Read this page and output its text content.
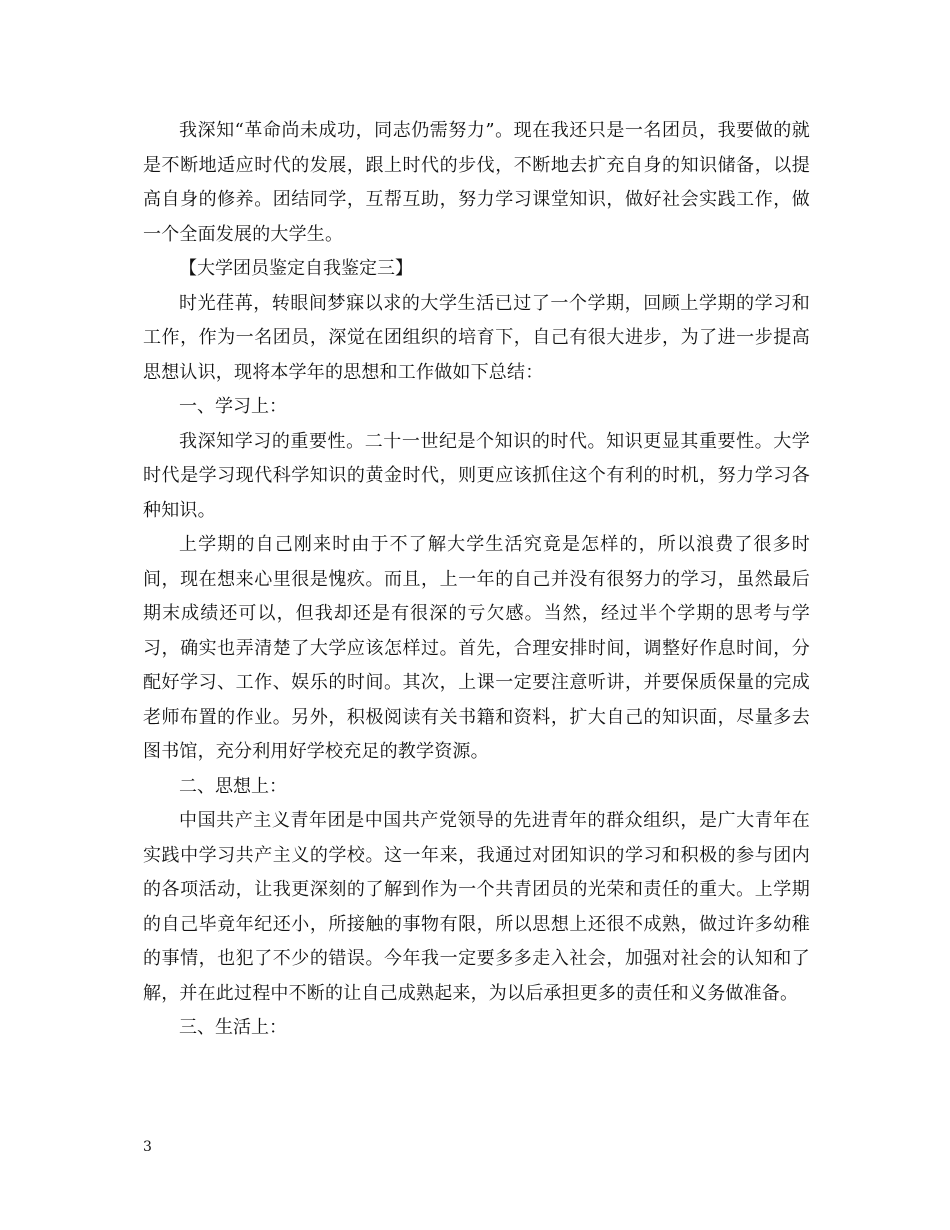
我深知“革命尚未成功，同志仍需努力”。现在我还只是一名团员，我要做的就是不断地适应时代的发展，跟上时代的步伐，不断地去扩充自身的知识储备，以提高自身的修养。团结同学，互帮互助，努力学习课堂知识，做好社会实践工作，做一个全面发展的大学生。

【大学团员鉴定自我鉴定三】

时光荏苒，转眼间梦寐以求的大学生活已过了一个学期，回顾上学期的学习和工作，作为一名团员，深觉在团组织的培育下，自己有很大进步，为了进一步提高思想认识，现将本学年的思想和工作做如下总结：

一、学习上：

我深知学习的重要性。二十一世纪是个知识的时代。知识更显其重要性。大学时代是学习现代科学知识的黄金时代，则更应该抓住这个有利的时机，努力学习各种知识。

上学期的自己刚来时由于不了解大学生活究竟是怎样的，所以浪费了很多时间，现在想来心里很是愧疚。而且，上一年的自己并没有很努力的学习，虽然最后期末成绩还可以，但我却还是有很深的亏欠感。当然，经过半个学期的思考与学习，确实也弄清楚了大学应该怎样过。首先，合理安排时间，调整好作息时间，分配好学习、工作、娱乐的时间。其次，上课一定要注意听讲，并要保质保量的完成老师布置的作业。另外，积极阅读有关书籍和资料，扩大自己的知识面，尽量多去图书馆，充分利用好学校充足的教学资源。

二、思想上：

中国共产主义青年团是中国共产党领导的先进青年的群众组织，是广大青年在实践中学习共产主义的学校。这一年来，我通过对团知识的学习和积极的参与团内的各项活动，让我更深刻的了解到作为一个共青团员的光荣和责任的重大。上学期的自己毕竟年纪还小，所接触的事物有限，所以思想上还很不成熟，做过许多幼稚的事情，也犯了不少的错误。今年我一定要多多走入社会，加强对社会的认知和了解，并在此过程中不断的让自己成熟起来，为以后承担更多的责任和义务做准备。

三、生活上：

3
